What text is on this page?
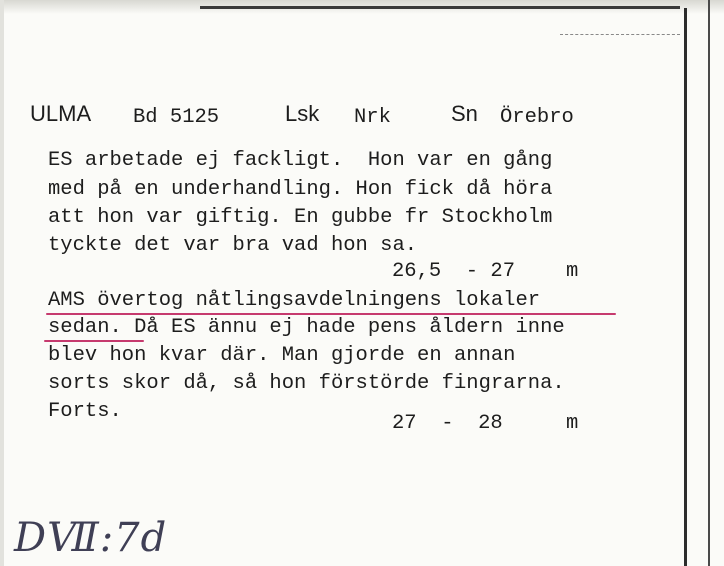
ULMA Bd 5125	Lsk Nrk	Sn Örebro
ES arbetade ej fackligt.  Hon var en gång
med på en underhandling. Hon fick då höra
att hon var giftig. En gubbe fr Stockholm
tyckte det var bra vad hon sa.
26,5  - 27 m
AMS övertog nåtlingsavdelningens lokaler
sedan. Då ES ännu ej hade pens åldern inne
blev hon kvar där. Man gjorde en annan
sorts skor då, så hon förstörde fingrarna.
Forts.
27  -  28	m
DⅦ:7d
